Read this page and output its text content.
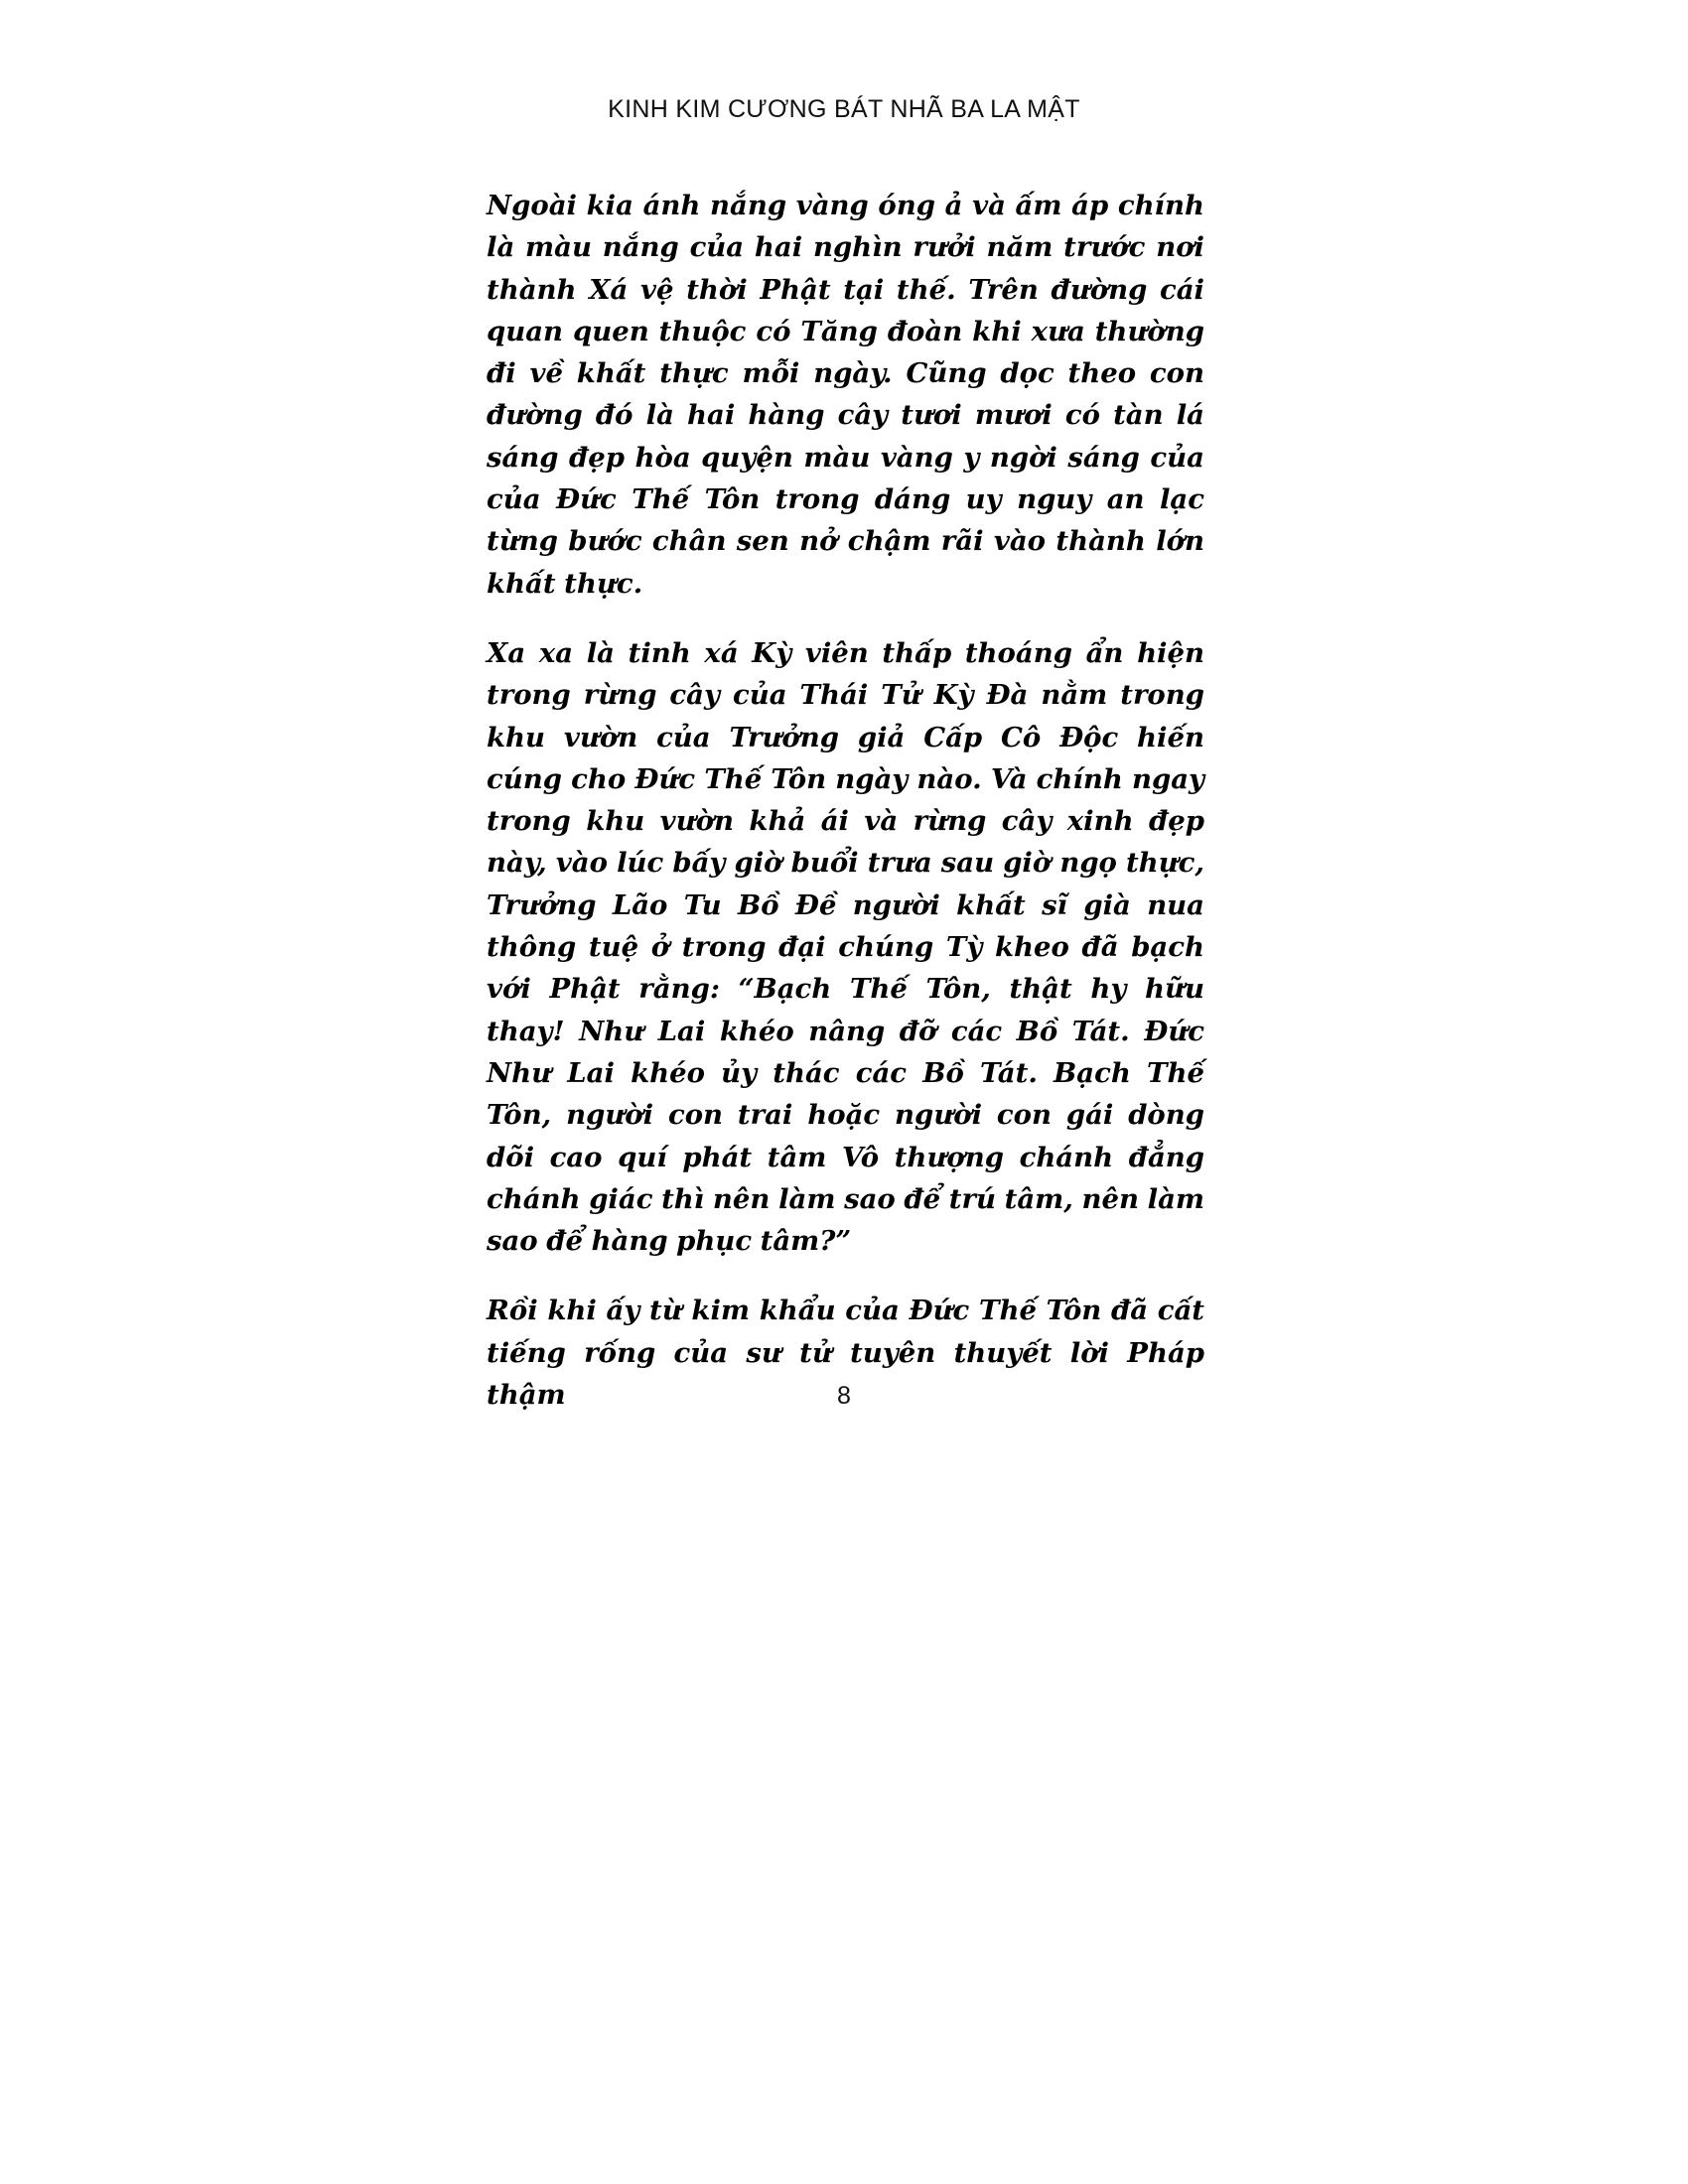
KINH KIM CƯƠNG BÁT NHÃ BA LA MẬT

Ngoài kia ánh nắng vàng óng ả và ấm áp chính là màu nắng của hai nghìn rưởi năm trước nơi thành Xá vệ thời Phật tại thế. Trên đường cái quan quen thuộc có Tăng đoàn khi xưa thường đi về khất thực mỗi ngày. Cũng dọc theo con đường đó là hai hàng cây tươi mươi có tàn lá sáng đẹp hòa quyện màu vàng y ngời sáng của của Đức Thế Tôn trong dáng uy nguy an lạc từng bước chân sen nở chậm rãi vào thành lớn khất thực.

Xa xa là tinh xá Kỳ viên thấp thoáng ẩn hiện trong rừng cây của Thái Tử Kỳ Đà nằm trong khu vườn của Trưởng giả Cấp Cô Độc hiến cúng cho Đức Thế Tôn ngày nào. Và chính ngay trong khu vườn khả ái và rừng cây xinh đẹp này, vào lúc bấy giờ buổi trưa sau giờ ngọ thực, Trưởng Lão Tu Bồ Đề người khất sĩ già nua thông tuệ ở trong đại chúng Tỳ kheo đã bạch với Phật rằng: “Bạch Thế Tôn, thật hy hữu thay! Như Lai khéo nâng đỡ các Bồ Tát. Đức Như Lai khéo ủy thác các Bồ Tát. Bạch Thế Tôn, người con trai hoặc người con gái dòng dõi cao quí phát tâm Vô thượng chánh đẳng chánh giác thì nên làm sao để trú tâm, nên làm sao để hàng phục tâm?”

Rồi khi ấy từ kim khẩu của Đức Thế Tôn đã cất tiếng rống của sư tử tuyên thuyết lời Pháp thậm	8
